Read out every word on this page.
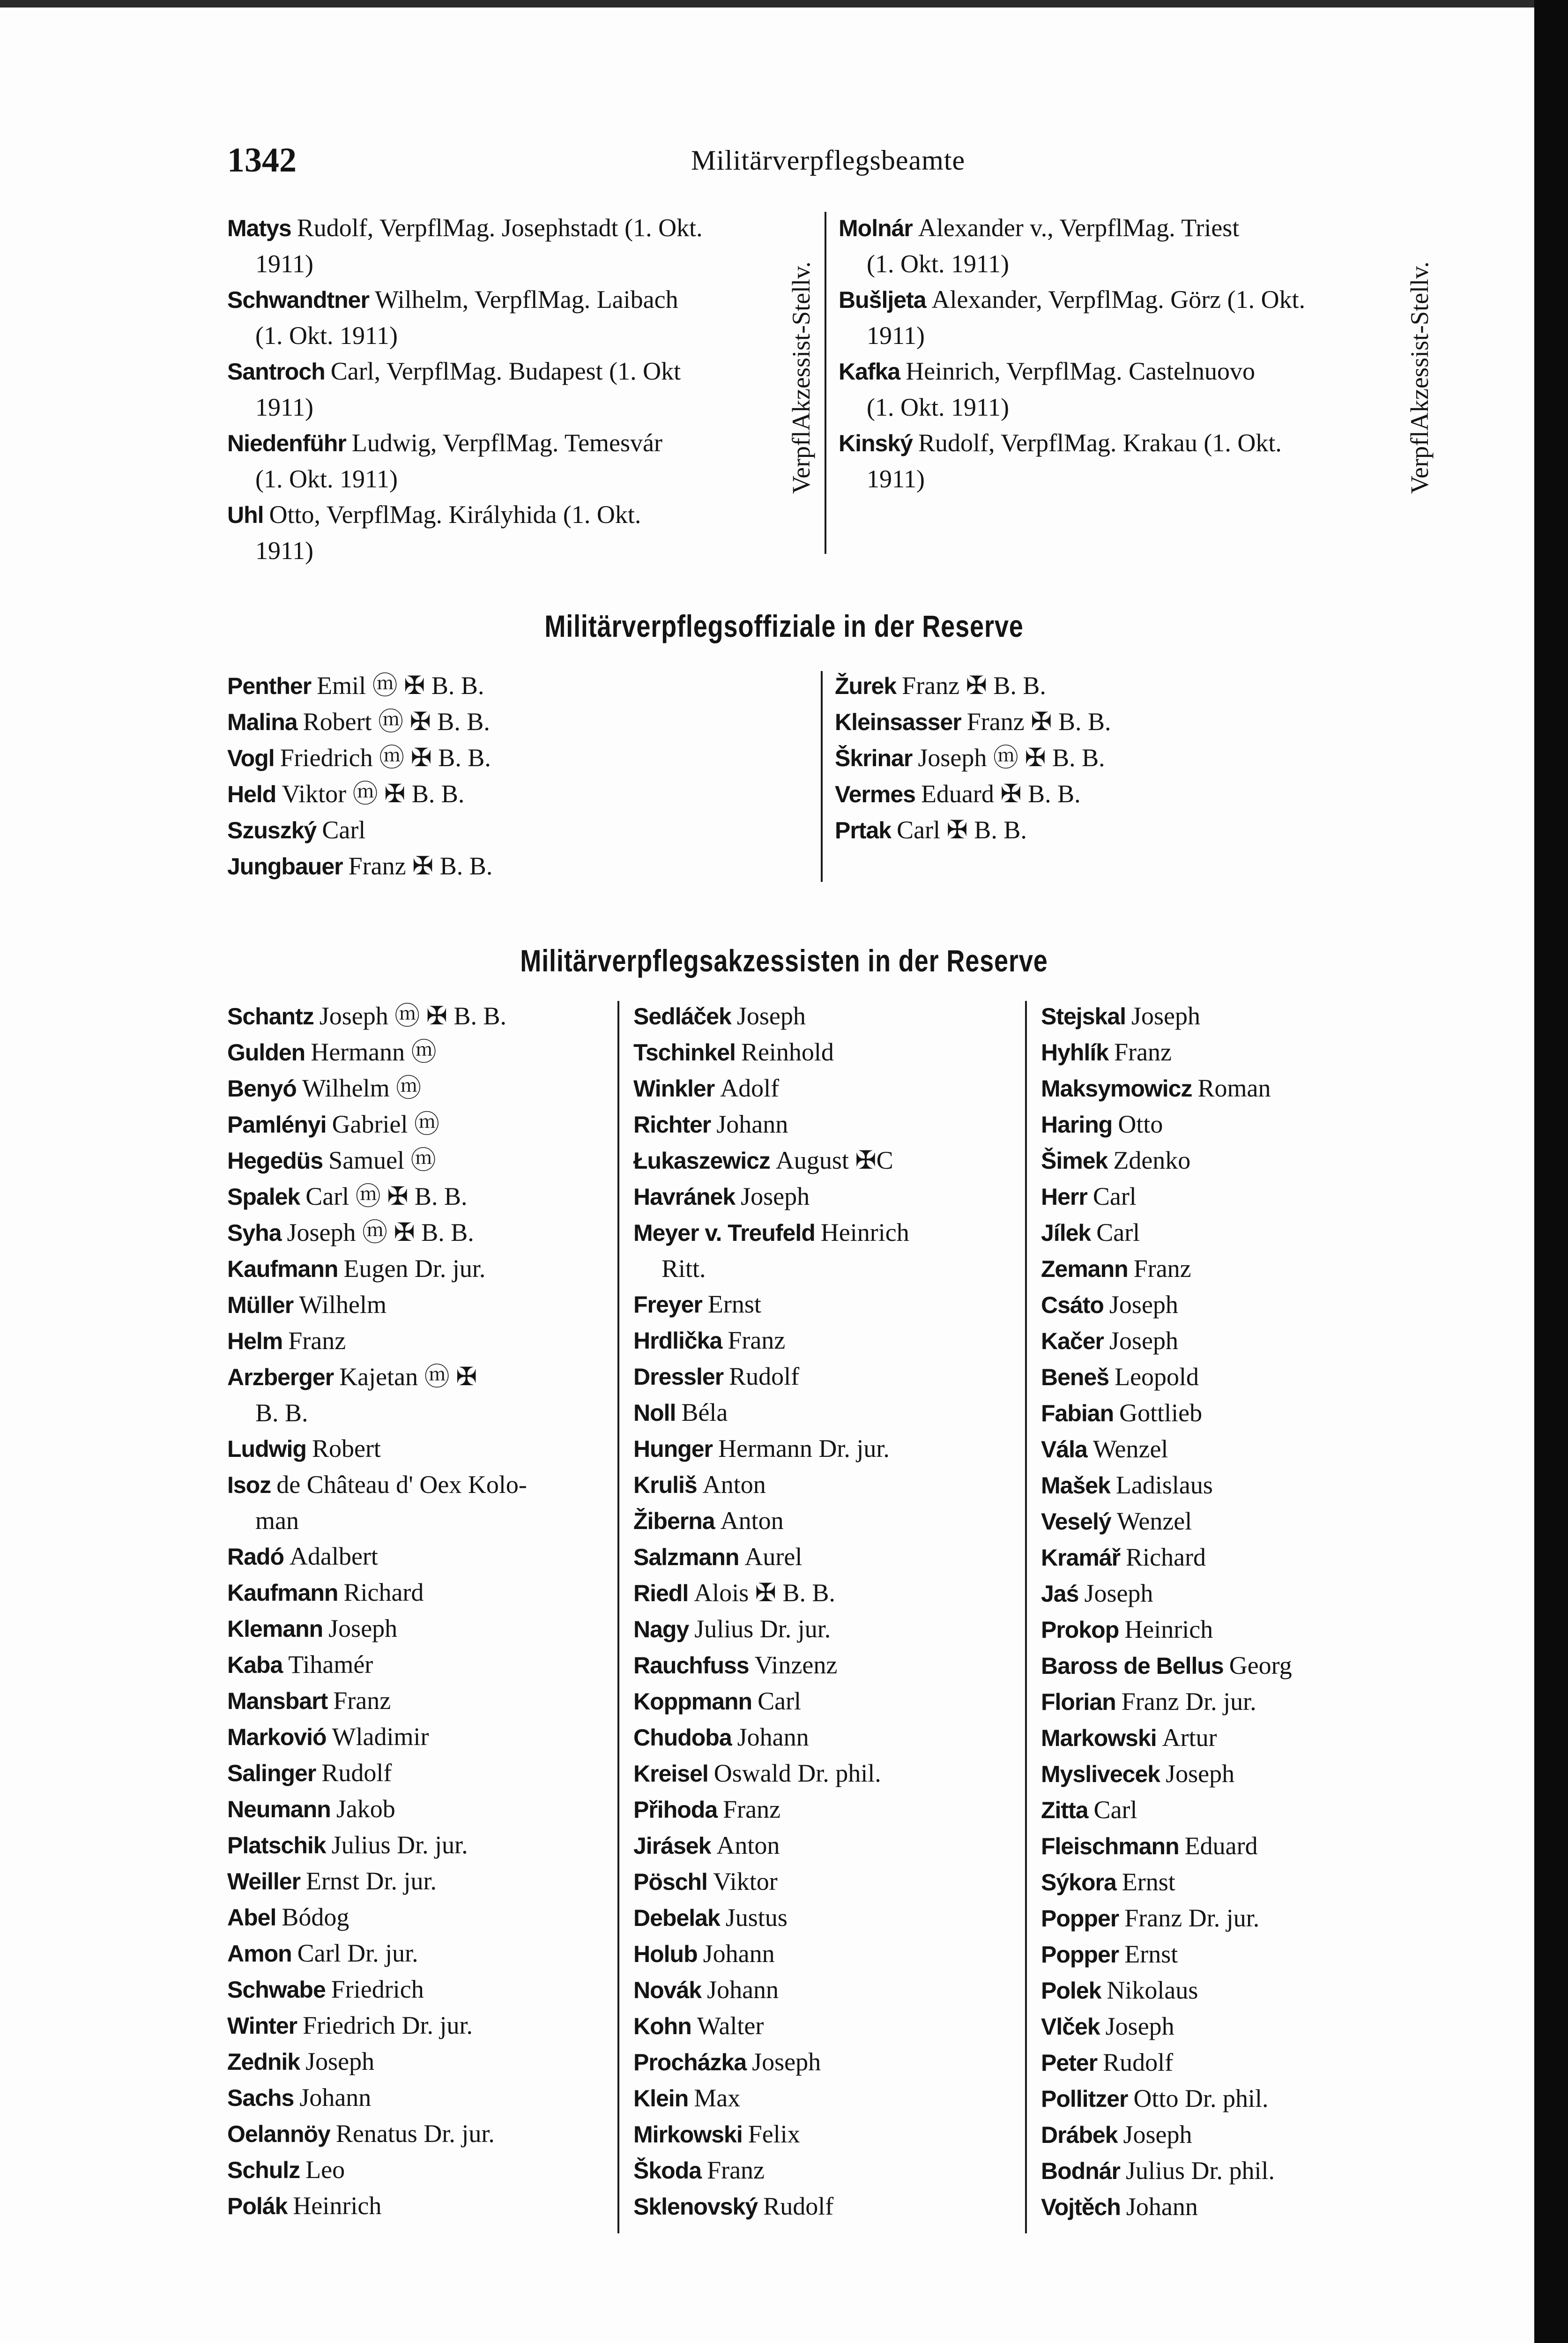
1342	Militärverpflegsbeamte
Matys Rudolf, VerpflMag. Josephstadt (1. Okt.
1911)
Schwandtner Wilhelm, VerpflMag. Laibach
(1. Okt. 1911)
Santroch Carl, VerpflMag. Budapest (1. Okt
1911)
Niedenführ Ludwig, VerpflMag. Temesvár
(1. Okt. 1911)
Uhl Otto, VerpflMag. Királyhida (1. Okt.
1911)
VerpflAkzessist-Stellv.
Molnár Alexander v., VerpflMag. Triest
(1. Okt. 1911)
Bušljeta Alexander, VerpflMag. Görz (1. Okt.
1911)
Kafka Heinrich, VerpflMag. Castelnuovo
(1. Okt. 1911)
Kinský Rudolf, VerpflMag. Krakau (1. Okt.
1911)	VerpflAkzessist-Stellv.
Militärverpflegsoffiziale in der Reserve
Penther Emil ⓜ ✠ B. B.
Malina Robert ⓜ ✠ B. B.
Vogl Friedrich ⓜ ✠ B. B.
Held Viktor ⓜ ✠ B. B.
Szuszký Carl
Jungbauer Franz ✠ B. B.
Žurek Franz ✠ B. B.
Kleinsasser Franz ✠ B. B.
Škrinar Joseph ⓜ ✠ B. B.
Vermes Eduard ✠ B. B.
Prtak Carl ✠ B. B.
Militärverpflegsakzessisten in der Reserve
Schantz Joseph ⓜ ✠ B. B.
Gulden Hermann ⓜ
Benyó Wilhelm ⓜ
Pamlényi Gabriel ⓜ
Hegedüs Samuel ⓜ
Spalek Carl ⓜ ✠ B. B.
Syha Joseph ⓜ ✠ B. B.
Kaufmann Eugen Dr. jur.
Müller Wilhelm
Helm Franz
Arzberger Kajetan ⓜ ✠
B. B.
Ludwig Robert
Isoz de Château d' Oex Kolo-
man
Radó Adalbert
Kaufmann Richard
Klemann Joseph
Kaba Tihamér
Mansbart Franz
Markovió Wladimir
Salinger Rudolf
Neumann Jakob
Platschik Julius Dr. jur.
Weiller Ernst Dr. jur.
Abel Bódog
Amon Carl Dr. jur.
Schwabe Friedrich
Winter Friedrich Dr. jur.
Zednik Joseph
Sachs Johann
Oelannöy Renatus Dr. jur.
Schulz Leo
Polák Heinrich
Sedláček Joseph
Tschinkel Reinhold
Winkler Adolf
Richter Johann
Łukaszewicz August ✠C
Havránek Joseph
Meyer v. Treufeld Heinrich
Ritt.
Freyer Ernst
Hrdlička Franz
Dressler Rudolf
Noll Béla
Hunger Hermann Dr. jur.
Kruliš Anton
Žiberna Anton
Salzmann Aurel
Riedl Alois ✠ B. B.
Nagy Julius Dr. jur.
Rauchfuss Vinzenz
Koppmann Carl
Chudoba Johann
Kreisel Oswald Dr. phil.
Přihoda Franz
Jirásek Anton
Pöschl Viktor
Debelak Justus
Holub Johann
Novák Johann
Kohn Walter
Procházka Joseph
Klein Max
Mirkowski Felix
Škoda Franz
Sklenovský Rudolf
Stejskal Joseph
Hyhlík Franz
Maksymowicz Roman
Haring Otto
Šimek Zdenko
Herr Carl
Jílek Carl
Zemann Franz
Csáto Joseph
Kačer Joseph
Beneš Leopold
Fabian Gottlieb
Vála Wenzel
Mašek Ladislaus
Veselý Wenzel
Kramář Richard
Jaś Joseph
Prokop Heinrich
Baross de Bellus Georg
Florian Franz Dr. jur.
Markowski Artur
Myslivecek Joseph
Zitta Carl
Fleischmann Eduard
Sýkora Ernst
Popper Franz Dr. jur.
Popper Ernst
Polek Nikolaus
Vlček Joseph
Peter Rudolf
Pollitzer Otto Dr. phil.
Drábek Joseph
Bodnár Julius Dr. phil.
Vojtěch Johann
